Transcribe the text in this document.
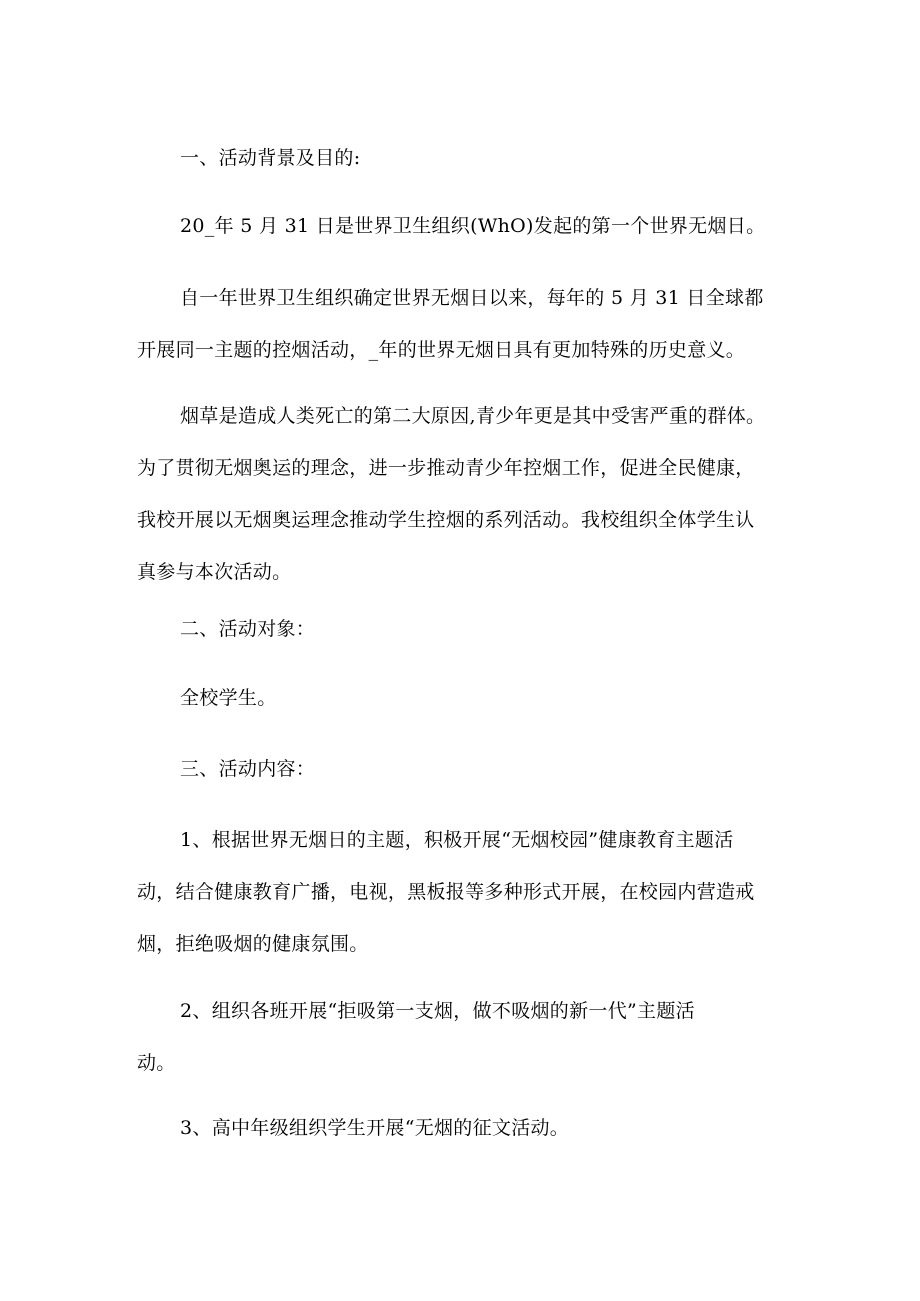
一、活动背景及目的:

20_年 5 月 31 日是世界卫生组织(WhO)发起的第一个世界无烟日。

自一年世界卫生组织确定世界无烟日以来，每年的 5 月 31 日全球都
开展同一主题的控烟活动，_年的世界无烟日具有更加特殊的历史意义。

烟草是造成人类死亡的第二大原因,青少年更是其中受害严重的群体。
为了贯彻无烟奥运的理念，进一步推动青少年控烟工作，促进全民健康，
我校开展以无烟奥运理念推动学生控烟的系列活动。我校组织全体学生认
真参与本次活动。

二、活动对象：

全校学生。

三、活动内容：

1、根据世界无烟日的主题，积极开展“无烟校园”健康教育主题活
动，结合健康教育广播，电视，黑板报等多种形式开展，在校园内营造戒
烟，拒绝吸烟的健康氛围。

2、组织各班开展“拒吸第一支烟，做不吸烟的新一代”主题活
动。

3、高中年级组织学生开展“无烟的征文活动。
